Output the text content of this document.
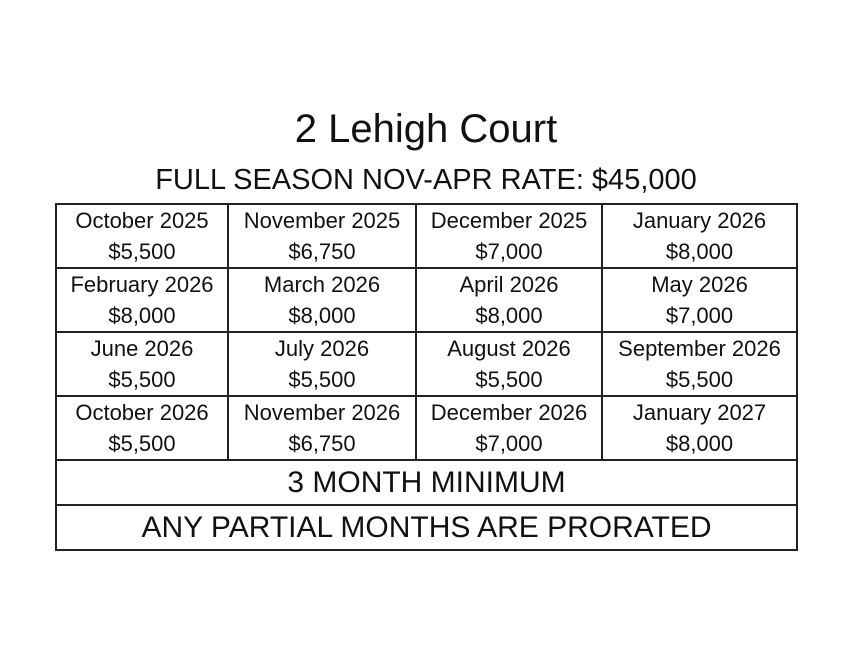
2 Lehigh Court
FULL SEASON NOV-APR RATE: $45,000
October 2025
$5,500	November 2025
$6,750	December 2025
$7,000	January 2026
$8,000

February 2026
$8,000	March 2026
$8,000	April 2026
$8,000	May 2026
$7,000

June 2026
$5,500	July 2026
$5,500	August 2026
$5,500	September 2026
$5,500

October 2026
$5,500	November 2026
$6,750	December 2026
$7,000	January 2027
$8,000

3 MONTH MINIMUM			
ANY PARTIAL MONTHS ARE PRORATED			
